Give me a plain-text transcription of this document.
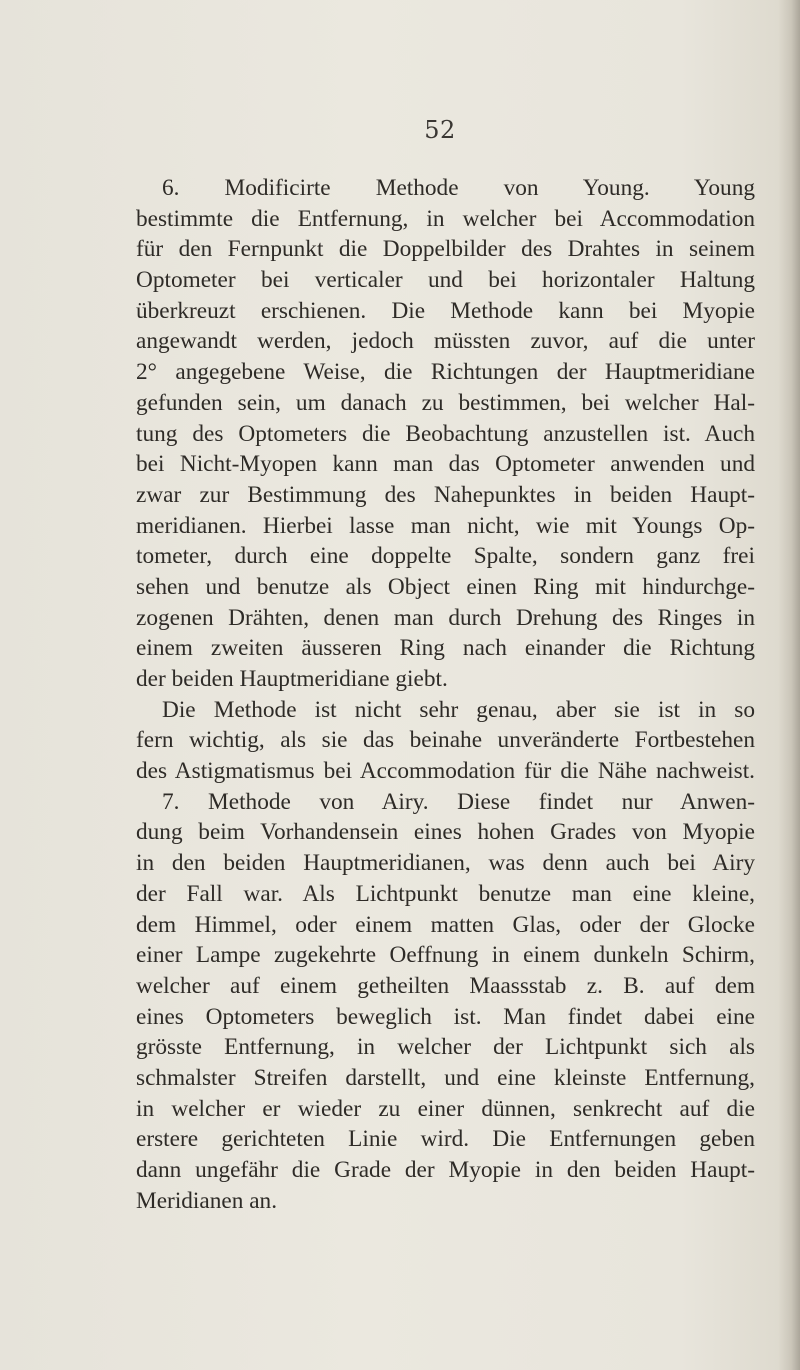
52
6. Modificirte Methode von Young. Young
bestimmte die Entfernung, in welcher bei Accommodation
für den Fernpunkt die Doppelbilder des Drahtes in seinem
Optometer bei verticaler und bei horizontaler Haltung
überkreuzt erschienen. Die Methode kann bei Myopie
angewandt werden, jedoch müssten zuvor, auf die unter
2° angegebene Weise, die Richtungen der Hauptmeridiane
gefunden sein, um danach zu bestimmen, bei welcher Hal-
tung des Optometers die Beobachtung anzustellen ist. Auch
bei Nicht-Myopen kann man das Optometer anwenden und
zwar zur Bestimmung des Nahepunktes in beiden Haupt-
meridianen. Hierbei lasse man nicht, wie mit Youngs Op-
tometer, durch eine doppelte Spalte, sondern ganz frei
sehen und benutze als Object einen Ring mit hindurchge-
zogenen Drähten, denen man durch Drehung des Ringes in
einem zweiten äusseren Ring nach einander die Richtung
der beiden Hauptmeridiane giebt.
Die Methode ist nicht sehr genau, aber sie ist in so
fern wichtig, als sie das beinahe unveränderte Fortbestehen
des Astigmatismus bei Accommodation für die Nähe nachweist.
7. Methode von Airy. Diese findet nur Anwen-
dung beim Vorhandensein eines hohen Grades von Myopie
in den beiden Hauptmeridianen, was denn auch bei Airy
der Fall war. Als Lichtpunkt benutze man eine kleine,
dem Himmel, oder einem matten Glas, oder der Glocke
einer Lampe zugekehrte Oeffnung in einem dunkeln Schirm,
welcher auf einem getheilten Maassstab z. B. auf dem
eines Optometers beweglich ist. Man findet dabei eine
grösste Entfernung, in welcher der Lichtpunkt sich als
schmalster Streifen darstellt, und eine kleinste Entfernung,
in welcher er wieder zu einer dünnen, senkrecht auf die
erstere gerichteten Linie wird. Die Entfernungen geben
dann ungefähr die Grade der Myopie in den beiden Haupt-
Meridianen an.
